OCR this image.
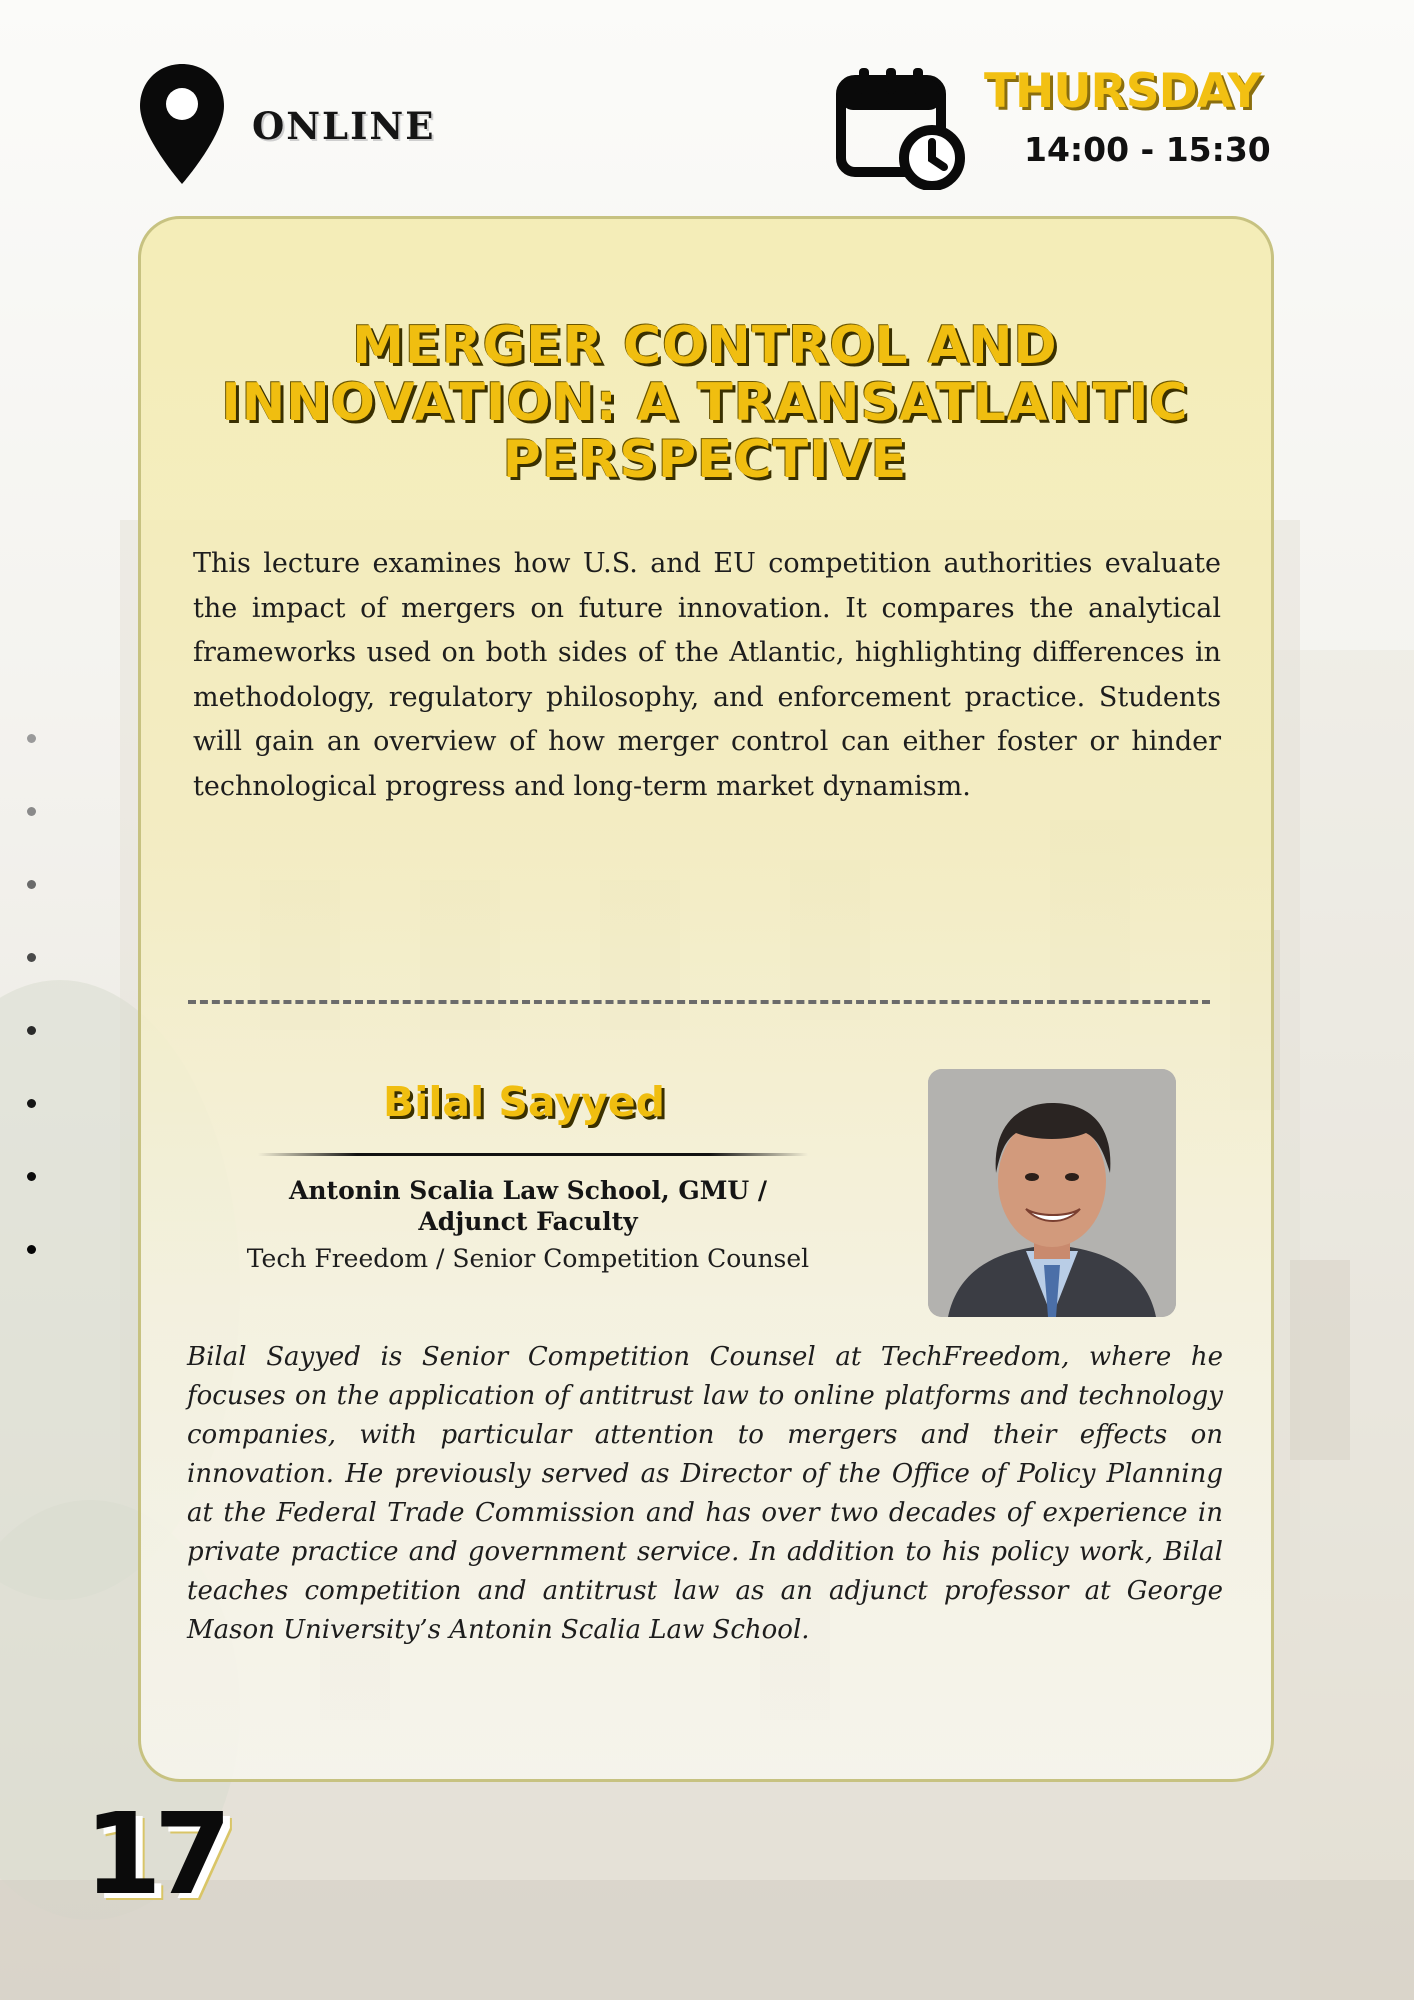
ONLINE
THURSDAY
14:00 - 15:30
MERGER CONTROL AND
INNOVATION: A TRANSATLANTIC
PERSPECTIVE

This lecture examines how U.S. and EU competition authorities evaluate the impact of mergers on future innovation. It compares the analytical frameworks used on both sides of the Atlantic, highlighting differences in methodology, regulatory philosophy, and enforcement practice. Students will gain an overview of how merger control can either foster or hinder technological progress and long-term market dynamism.

Bilal Sayyed
Antonin Scalia Law School, GMU / Adjunct Faculty
Tech Freedom / Senior Competition Counsel

Bilal Sayyed is Senior Competition Counsel at TechFreedom, where he focuses on the application of antitrust law to online platforms and technology companies, with particular attention to mergers and their effects on innovation. He previously served as Director of the Office of Policy Planning at the Federal Trade Commission and has over two decades of experience in private practice and government service. In addition to his policy work, Bilal teaches competition and antitrust law as an adjunct professor at George Mason University’s Antonin Scalia Law School.

17
